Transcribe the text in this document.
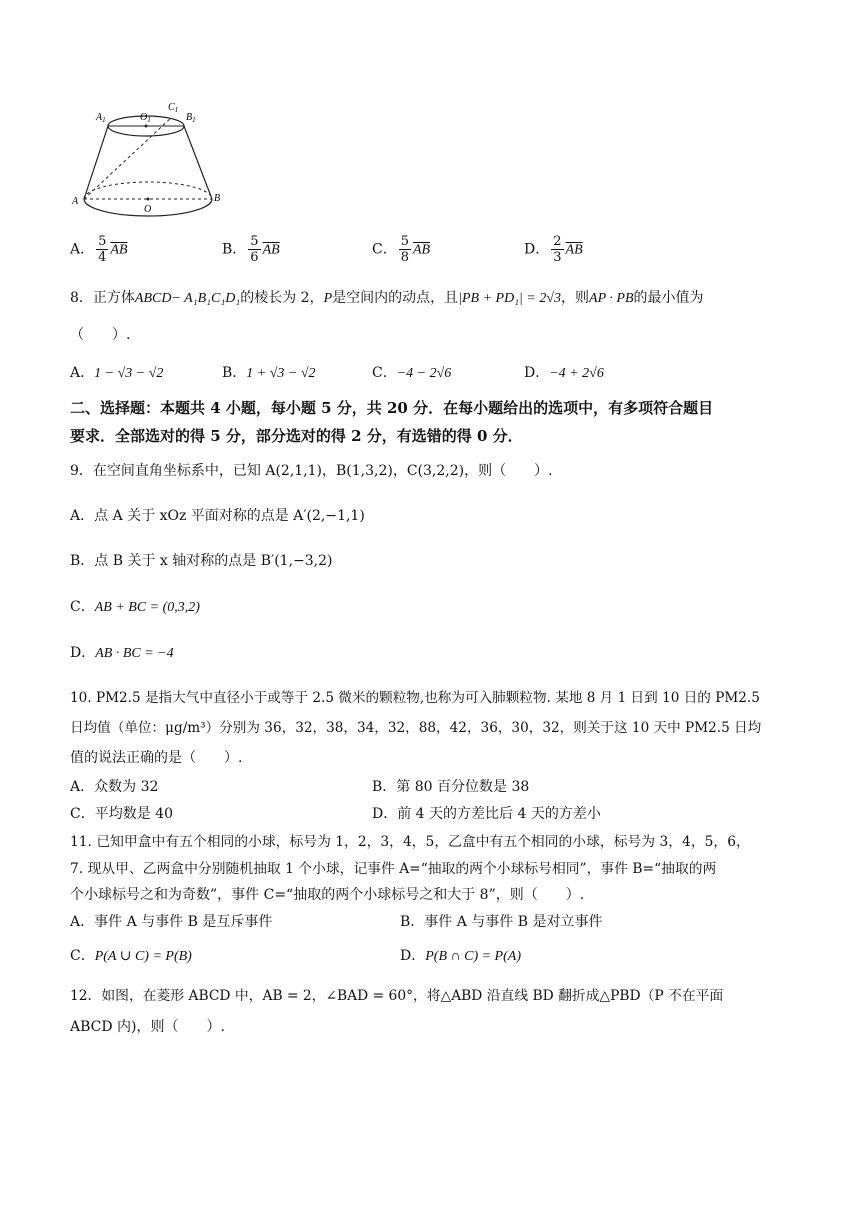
$A_1$	$O_1$
$C_1$
$B_1$
A
O
B
A． $\frac{5}{4} \overline{AB}$	B． $\frac{5}{6} \overline{AB}$	C． $\frac{5}{8} \overline{AB}$	D． $\frac{2}{3} \overline{AB}$
8．正方体ABCD− A₁B₁C₁D₁的棱长为 2，P是空间内的动点，且|PB + PD₁| = 2√3，则AP · PB的最小值为
（　　）.
A．1 − √3 − √2	B．1 + √3 − √2	C．−4 − 2√6	D．−4 + 2√6
二、选择题：本题共 4 小题，每小题 5 分，共 20 分．在每小题给出的选项中，有多项符合题目
要求．全部选对的得 5 分，部分选对的得 2 分，有选错的得 0 分．
9．在空间直角坐标系中，已知 A(2,1,1)，B(1,3,2)，C(3,2,2)，则（　　）.
A．点 A 关于 xOz 平面对称的点是 A′(2,−1,1)
B．点 B 关于 x 轴对称的点是 B′(1,−3,2)
C．AB + BC = (0,3,2)
D．AB · BC = −4
10. PM2.5 是指大气中直径小于或等于 2.5 微米的颗粒物,也称为可入肺颗粒物. 某地 8 月 1 日到 10 日的 PM2.5
日均值（单位：μg/m³）分别为 36，32，38，34，32，88，42，36，30，32，则关于这 10 天中 PM2.5 日均
值的说法正确的是（　　）.
A．众数为 32	B．第 80 百分位数是 38
C．平均数是 40	D．前 4 天的方差比后 4 天的方差小
11. 已知甲盒中有五个相同的小球，标号为 1，2，3，4，5，乙盒中有五个相同的小球，标号为 3，4，5，6，
7. 现从甲、乙两盒中分别随机抽取 1 个小球，记事件 A=“抽取的两个小球标号相同”，事件 B=“抽取的两
个小球标号之和为奇数”，事件 C=“抽取的两个小球标号之和大于 8”，则（　　）.
A．事件 A 与事件 B 是互斥事件	B．事件 A 与事件 B 是对立事件
C．P(A ∪ C) = P(B)	D．P(B ∩ C) = P(A)
12．如图，在菱形 ABCD 中，AB = 2，∠BAD = 60°，将△ABD 沿直线 BD 翻折成△PBD（P 不在平面
ABCD 内)，则（　　）.
